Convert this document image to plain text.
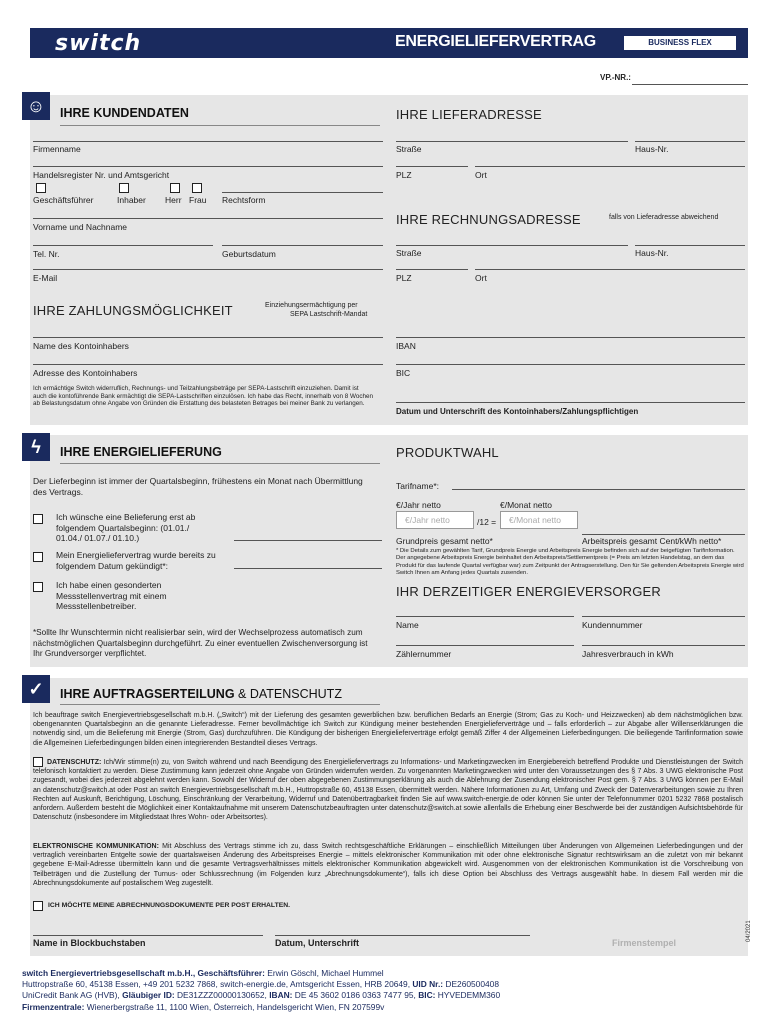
switch	ENERGIELIEFERVERTRAG	BUSINESS FLEX
VP.-NR.:
☺	IHRE KUNDENDATEN	IHRE LIEFERADRESSE
Firmenname
Handelsregister Nr. und Amtsgericht
Geschäftsführer	Inhaber Herr Frau Rechtsform
Vorname und Nachname
Tel. Nr.	Geburtsdatum
E-Mail
Straße	Haus-Nr.
PLZ	Ort
IHRE RECHNUNGSADRESSE	falls von Lieferadresse abweichend
Straße	Haus-Nr.
PLZ	Ort
IHRE ZAHLUNGSMÖGLICHKEIT	Einziehungsermächtigung per
SEPA Lastschrift-Mandat
Name des Kontoinhabers
Adresse des Kontoinhabers
IBAN
BIC
Ich ermächtige Switch widerruflich, Rechnungs- und Teilzahlungsbeträge per SEPA-Lastschrift einzuziehen. Damit ist auch die kontoführende Bank ermächtigt die SEPA-Lastschriften einzulösen. Ich habe das Recht, innerhalb von 8 Wochen ab Belastungsdatum ohne Angabe von Gründen die Erstattung des belasteten Betrages bei meiner Bank zu verlangen.
Datum und Unterschrift des Kontoinhabers/Zahlungspflichtigen
ϟ	IHRE ENERGIELIEFERUNG	PRODUKTWAHL
Der Lieferbeginn ist immer der Quartalsbeginn, frühestens ein Monat nach Übermittlung des Vertrags.
Ich wünsche eine Belieferung erst ab folgendem Quartalsbeginn: (01.01./ 01.04./ 01.07./ 01.10.)
Mein Energieliefervertrag wurde bereits zu folgendem Datum gekündigt*:
Ich habe einen gesonderten Messstellenvertrag mit einem Messstellenbetreiber.
*Sollte Ihr Wunschtermin nicht realisierbar sein, wird der Wechselprozess automatisch zum nächstmöglichen Quartalsbeginn durchgeführt. Zu einer eventuellen Zwischenversorgung ist Ihr Grundversorger verpflichtet.
Tarifname*:
€/Jahr netto	€/Monat netto
€/Jahr netto	/12 =	€/Monat netto
Grundpreis gesamt netto*	Arbeitspreis gesamt Cent/kWh netto*
* Die Details zum gewählten Tarif, Grundpreis Energie und Arbeitspreis Energie befinden sich auf der beigefügten Tarifinformation. Der angegebene Arbeitspreis Energie beinhaltet den Arbeitspreis/Settlementpreis (= Preis am letzten Handelstag, an dem das Produkt für das laufende Quartal verfügbar war) zum Zeitpunkt der Antragserstellung. Den für Sie geltenden Arbeitspreis Energie wird Switch Ihnen am Anfang jedes Quartals zusenden.
IHR DERZEITIGER ENERGIEVERSORGER
Name	Kundennummer
Zählernummer	Jahresverbrauch in kWh
✓	IHRE AUFTRAGSERTEILUNG & DATENSCHUTZ
Ich beauftrage switch Energievertriebsgesellschaft m.b.H. („Switch“) mit der Lieferung des gesamten gewerblichen bzw. beruflichen Bedarfs an Energie (Strom; Gas zu Koch- und Heizzwecken) ab dem nächstmöglichen bzw. obengenannten Quartalsbeginn an die genannte Lieferadresse. Ferner bevollmächtige ich Switch zur Kündigung meiner bestehenden Energielieferverträge und – falls erforderlich – zur Abgabe aller Willenserklärungen die notwendig sind, um die Belieferung mit Energie (Strom, Gas) durchzuführen. Die Kündigung der bisherigen Energielieferverträge erfolgt gemäß Ziffer 4 der Allgemeinen Lieferbedingungen. Die beiliegende Tarifinformation sowie die Allgemeinen Lieferbedingungen bilden einen integrierenden Bestandteil dieses Vertrags.
DATENSCHUTZ: Ich/Wir stimme(n) zu, von Switch während und nach Beendigung des Energieliefervertrags zu Informations- und Marketingzwecken im Energiebereich betreffend Produkte und Dienstleistungen der Switch telefonisch kontaktiert zu werden. Diese Zustimmung kann jederzeit ohne Angabe von Gründen widerrufen werden. Zu vorgenannten Marketingzwecken wird unter den Voraussetzungen des § 7 Abs. 3 UWG elektronische Post zugesandt, wobei dies jederzeit abgelehnt werden kann. Sowohl der Widerruf der oben abgegebenen Zustimmungserklärung als auch die Ablehnung der Zusendung elektronischer Post gem. § 7 Abs. 3 UWG können per E-Mail an datenschutz@switch.at oder Post an switch Energievertriebsgesellschaft m.b.H., Huttropstraße 60, 45138 Essen, übermittelt werden. Nähere Informationen zu Art, Umfang und Zweck der Datenverarbeitungen sowie zu Ihren Rechten auf Auskunft, Berichtigung, Löschung, Einschränkung der Verarbeitung, Widerruf und Datenübertragbarkeit finden Sie auf www.switch-energie.de oder können Sie unter der Telefonnummer 0201 5232 7868 postalisch anfordern. Außerdem besteht die Möglichkeit einer Kontaktaufnahme mit unserem Datenschutzbeauftragten unter datenschutz@switch.at sowie allenfalls die Erhebung einer Beschwerde bei der zuständigen Aufsichtsbehörde für Datenschutz (insbesondere im Mitgliedstaat Ihres Wohn- oder Arbeitsortes).
ELEKTRONISCHE KOMMUNIKATION: Mit Abschluss des Vertrags stimme ich zu, dass Switch rechtsgeschäftliche Erklärungen – einschließlich Mitteilungen über Änderungen von Allgemeinen Lieferbedingungen und der vertraglich vereinbarten Entgelte sowie der quartalsweisen Änderung des Arbeitspreises Energie – mittels elektronischer Kommunikation mit oder ohne elektronische Signatur rechtswirksam an die zuletzt von mir bekannt gegebene E-Mail-Adresse übermitteln kann und die gesamte Vertragsverhältnisses mittels elektronischer Kommunikation abgewickelt wird. Ausgenommen von der elektronischen Kommunikation ist die Vorschreibung von Teilbeträgen und die Zustellung der Turnus- oder Schlussrechnung (im Folgenden kurz „Abrechnungsdokumente“), falls ich diese Option bei Abschluss des Vertrags ausgewählt habe. In diesem Fall werden mir die Abrechnungsdokumente auf postalischem Weg zugestellt.
ICH MÖCHTE MEINE ABRECHNUNGSDOKUMENTE PER POST ERHALTEN.
Name in Blockbuchstaben	Datum, Unterschrift	Firmenstempel
04/2021
switch Energievertriebsgesellschaft m.b.H., Geschäftsführer: Erwin Göschl, Michael Hummel
Huttropstraße 60, 45138 Essen, +49 201 5232 7868, switch-energie.de, Amtsgericht Essen, HRB 20649, UID Nr.: DE260500408
UniCredit Bank AG (HVB), Gläubiger ID: DE31ZZZ00000130652, IBAN: DE 45 3602 0186 0363 7477 95, BIC: HYVEDEMM360
Firmenzentrale: Wienerbergstraße 11, 1100 Wien, Österreich, Handelsgericht Wien, FN 207599v
